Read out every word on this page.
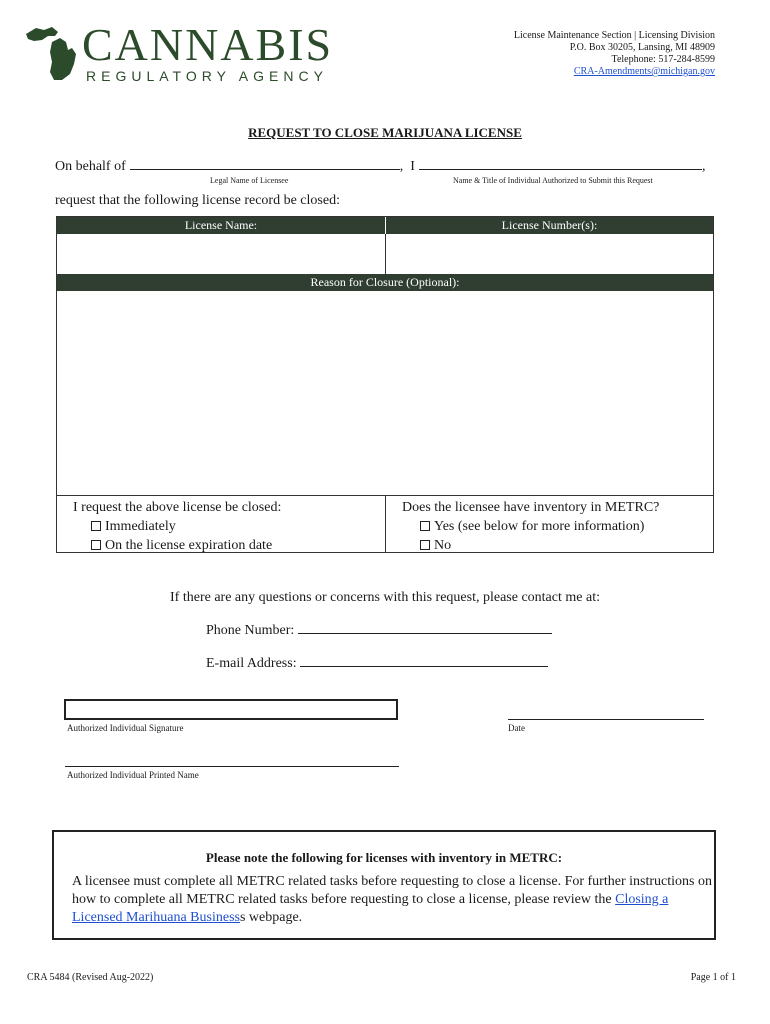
CANNABIS
REGULATORY AGENCY
License Maintenance Section | Licensing Division
P.O. Box 30205, Lansing, MI 48909
Telephone: 517-284-8599
CRA-Amendments@michigan.gov
REQUEST TO CLOSE MARIJUANA LICENSE
On behalf of	, I	,
Legal Name of Licensee	Name & Title of Individual Authorized to Submit this Request
request that the following license record be closed:
License Name:	License Number(s):
Reason for Closure (Optional):
I request the above license be closed:
Immediately
On the license expiration date
Does the licensee have inventory in METRC?
Yes (see below for more information)
No
If there are any questions or concerns with this request, please contact me at:
Phone Number:
E-mail Address:
Authorized Individual Signature	Date
Authorized Individual Printed Name
Please note the following for licenses with inventory in METRC:
A licensee must complete all METRC related tasks before requesting to close a license. For further instructions on how to complete all METRC related tasks before requesting to close a license, please review the Closing a Licensed Marihuana Businesss webpage.
CRA 5484 (Revised Aug-2022)	Page 1 of 1
